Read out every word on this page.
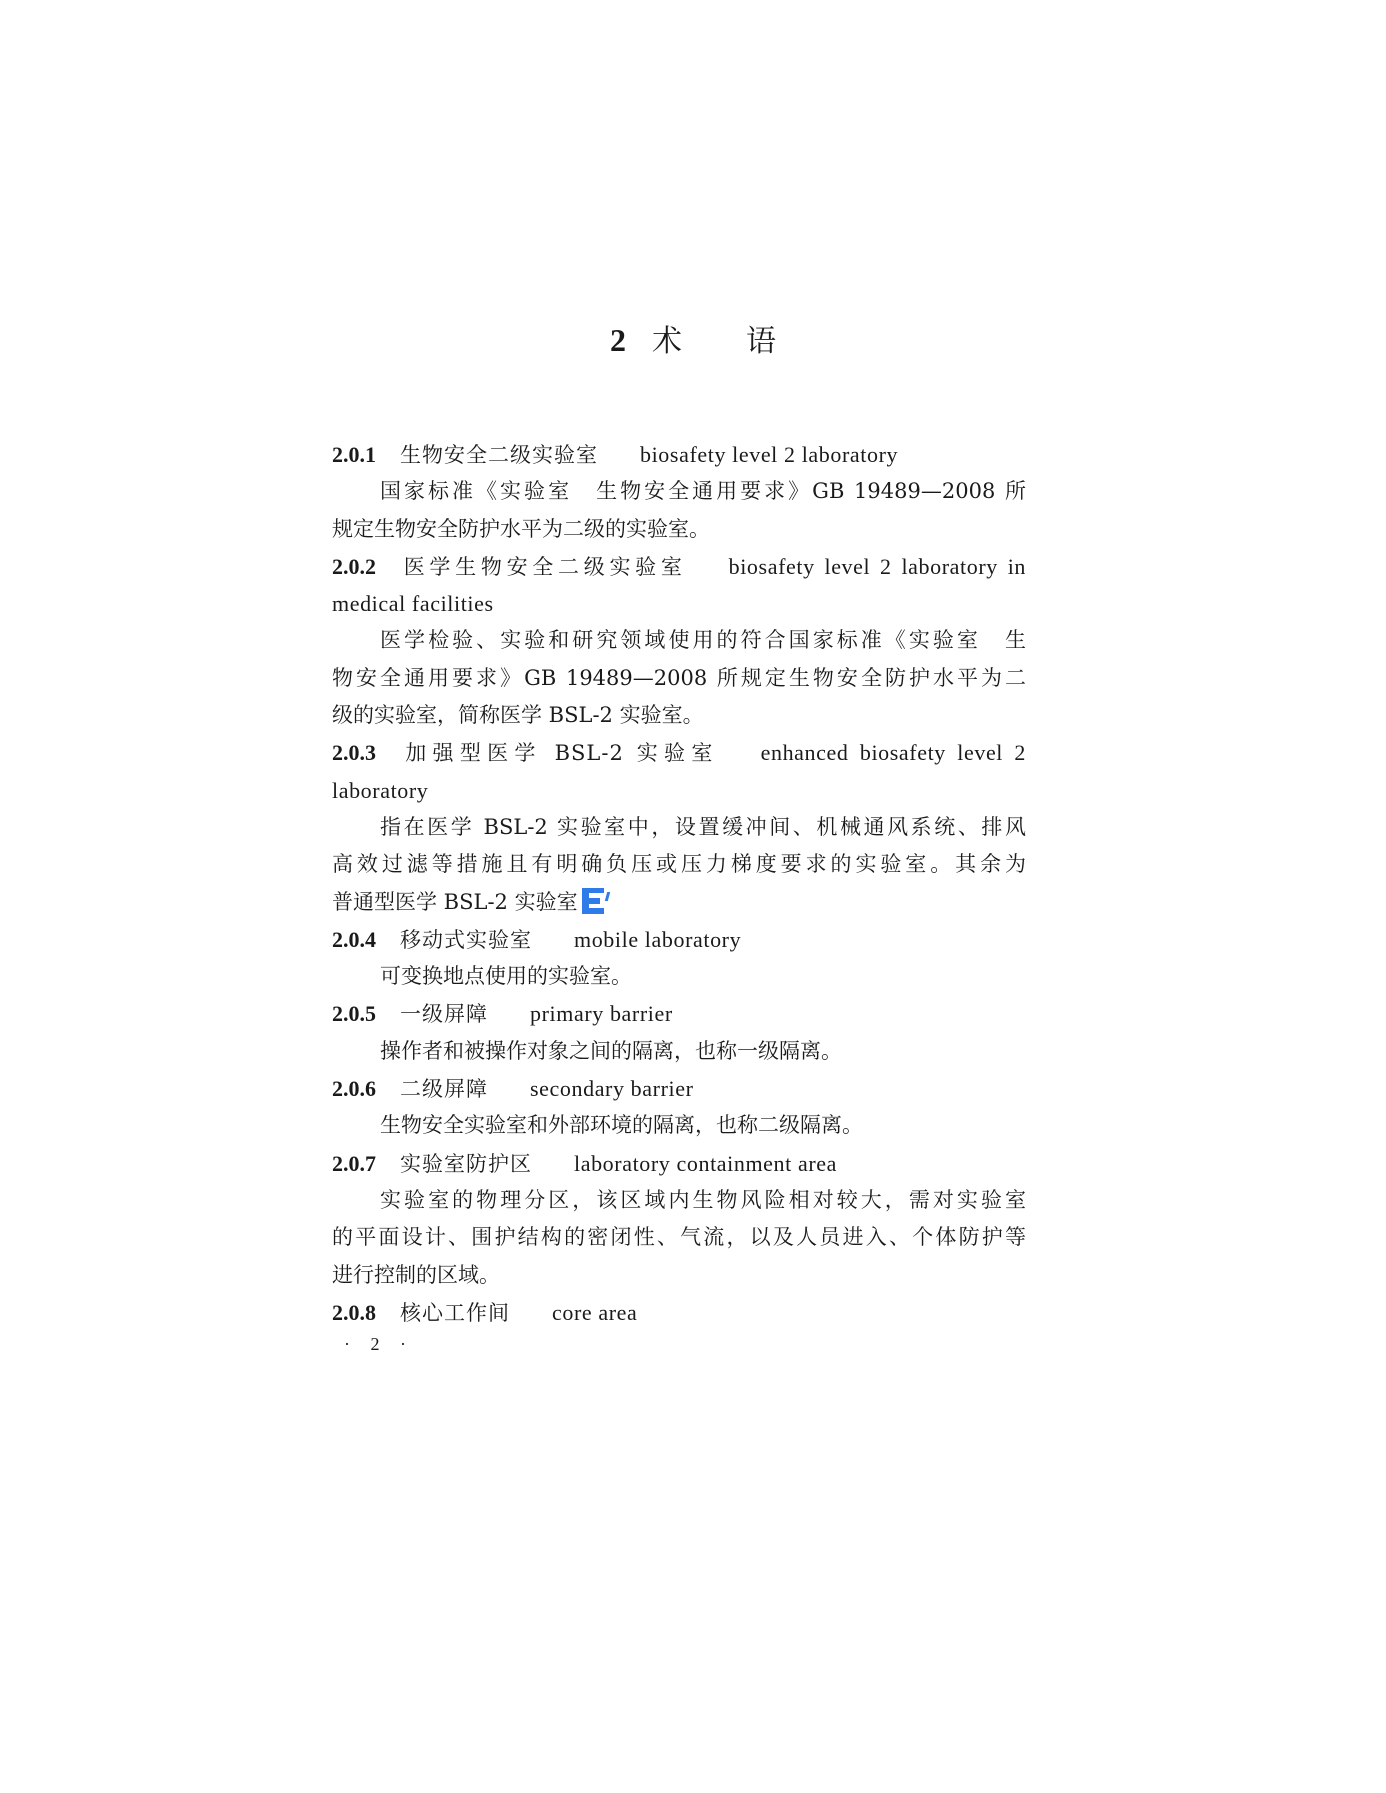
2 术 语
2.0.1 生物安全二级实验室 biosafety level 2 laboratory
国家标准《实验室　生物安全通用要求》GB 19489—2008 所
规定生物安全防护水平为二级的实验室。
2.0.2 医学生物安全二级实验室 biosafety level 2 laboratory in
medical facilities
医学检验、实验和研究领域使用的符合国家标准《实验室　生
物安全通用要求》GB 19489—2008 所规定生物安全防护水平为二
级的实验室，简称医学 BSL-2 实验室。
2.0.3 加强型医学 BSL-2 实验室 enhanced biosafety level 2
laboratory
指在医学 BSL-2 实验室中，设置缓冲间、机械通风系统、排风
高效过滤等措施且有明确负压或压力梯度要求的实验室。其余为
普通型医学 BSL-2 实验室
2.0.4 移动式实验室 mobile laboratory
可变换地点使用的实验室。
2.0.5 一级屏障 primary barrier
操作者和被操作对象之间的隔离，也称一级隔离。
2.0.6 二级屏障 secondary barrier
生物安全实验室和外部环境的隔离，也称二级隔离。
2.0.7 实验室防护区 laboratory containment area
实验室的物理分区，该区域内生物风险相对较大，需对实验室
的平面设计、围护结构的密闭性、气流，以及人员进入、个体防护等
进行控制的区域。
2.0.8 核心工作间 core area
· 2 ·
